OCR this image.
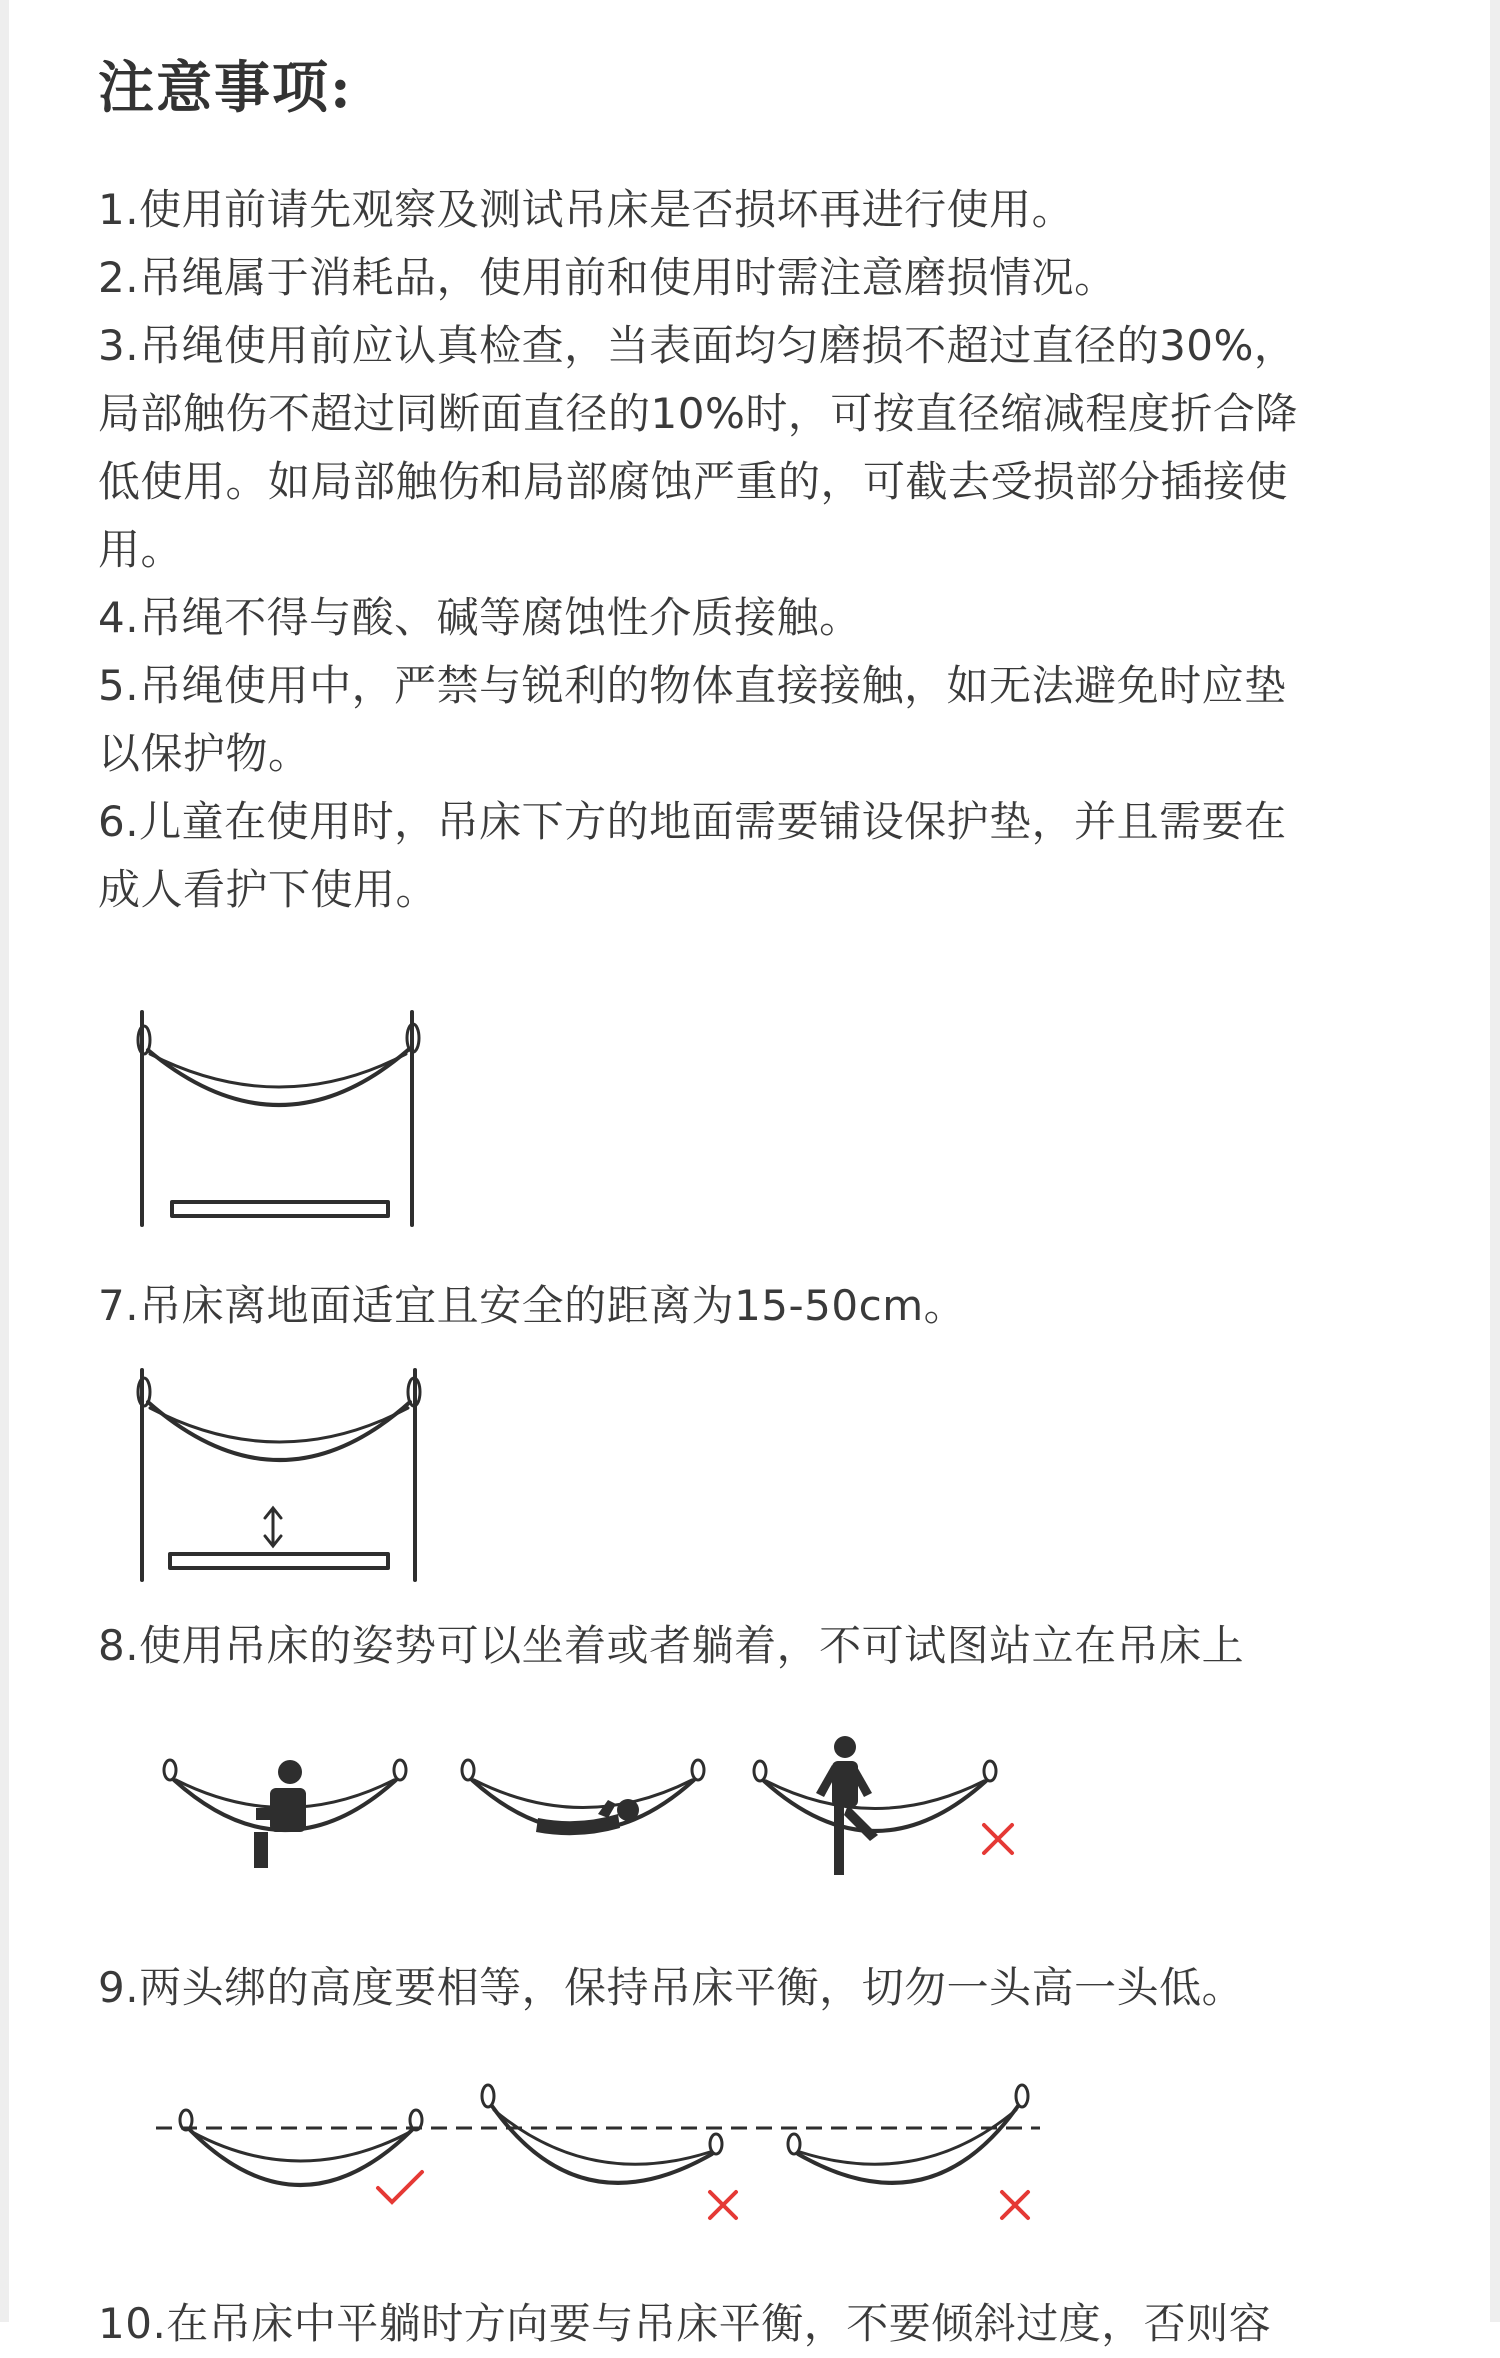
注意事项:
1.使用前请先观察及测试吊床是否损坏再进行使用。
2.吊绳属于消耗品，使用前和使用时需注意磨损情况。
3.吊绳使用前应认真检查，当表面均匀磨损不超过直径的30%，
局部触伤不超过同断面直径的10%时，可按直径缩减程度折合降
低使用。如局部触伤和局部腐蚀严重的，可截去受损部分插接使
用。
4.吊绳不得与酸、碱等腐蚀性介质接触。
5.吊绳使用中，严禁与锐利的物体直接接触，如无法避免时应垫
以保护物。
6.儿童在使用时，吊床下方的地面需要铺设保护垫，并且需要在
成人看护下使用。
7.吊床离地面适宜且安全的距离为15-50cm。
8.使用吊床的姿势可以坐着或者躺着，不可试图站立在吊床上
9.两头绑的高度要相等，保持吊床平衡，切勿一头高一头低。
10.在吊床中平躺时方向要与吊床平衡，不要倾斜过度，否则容
